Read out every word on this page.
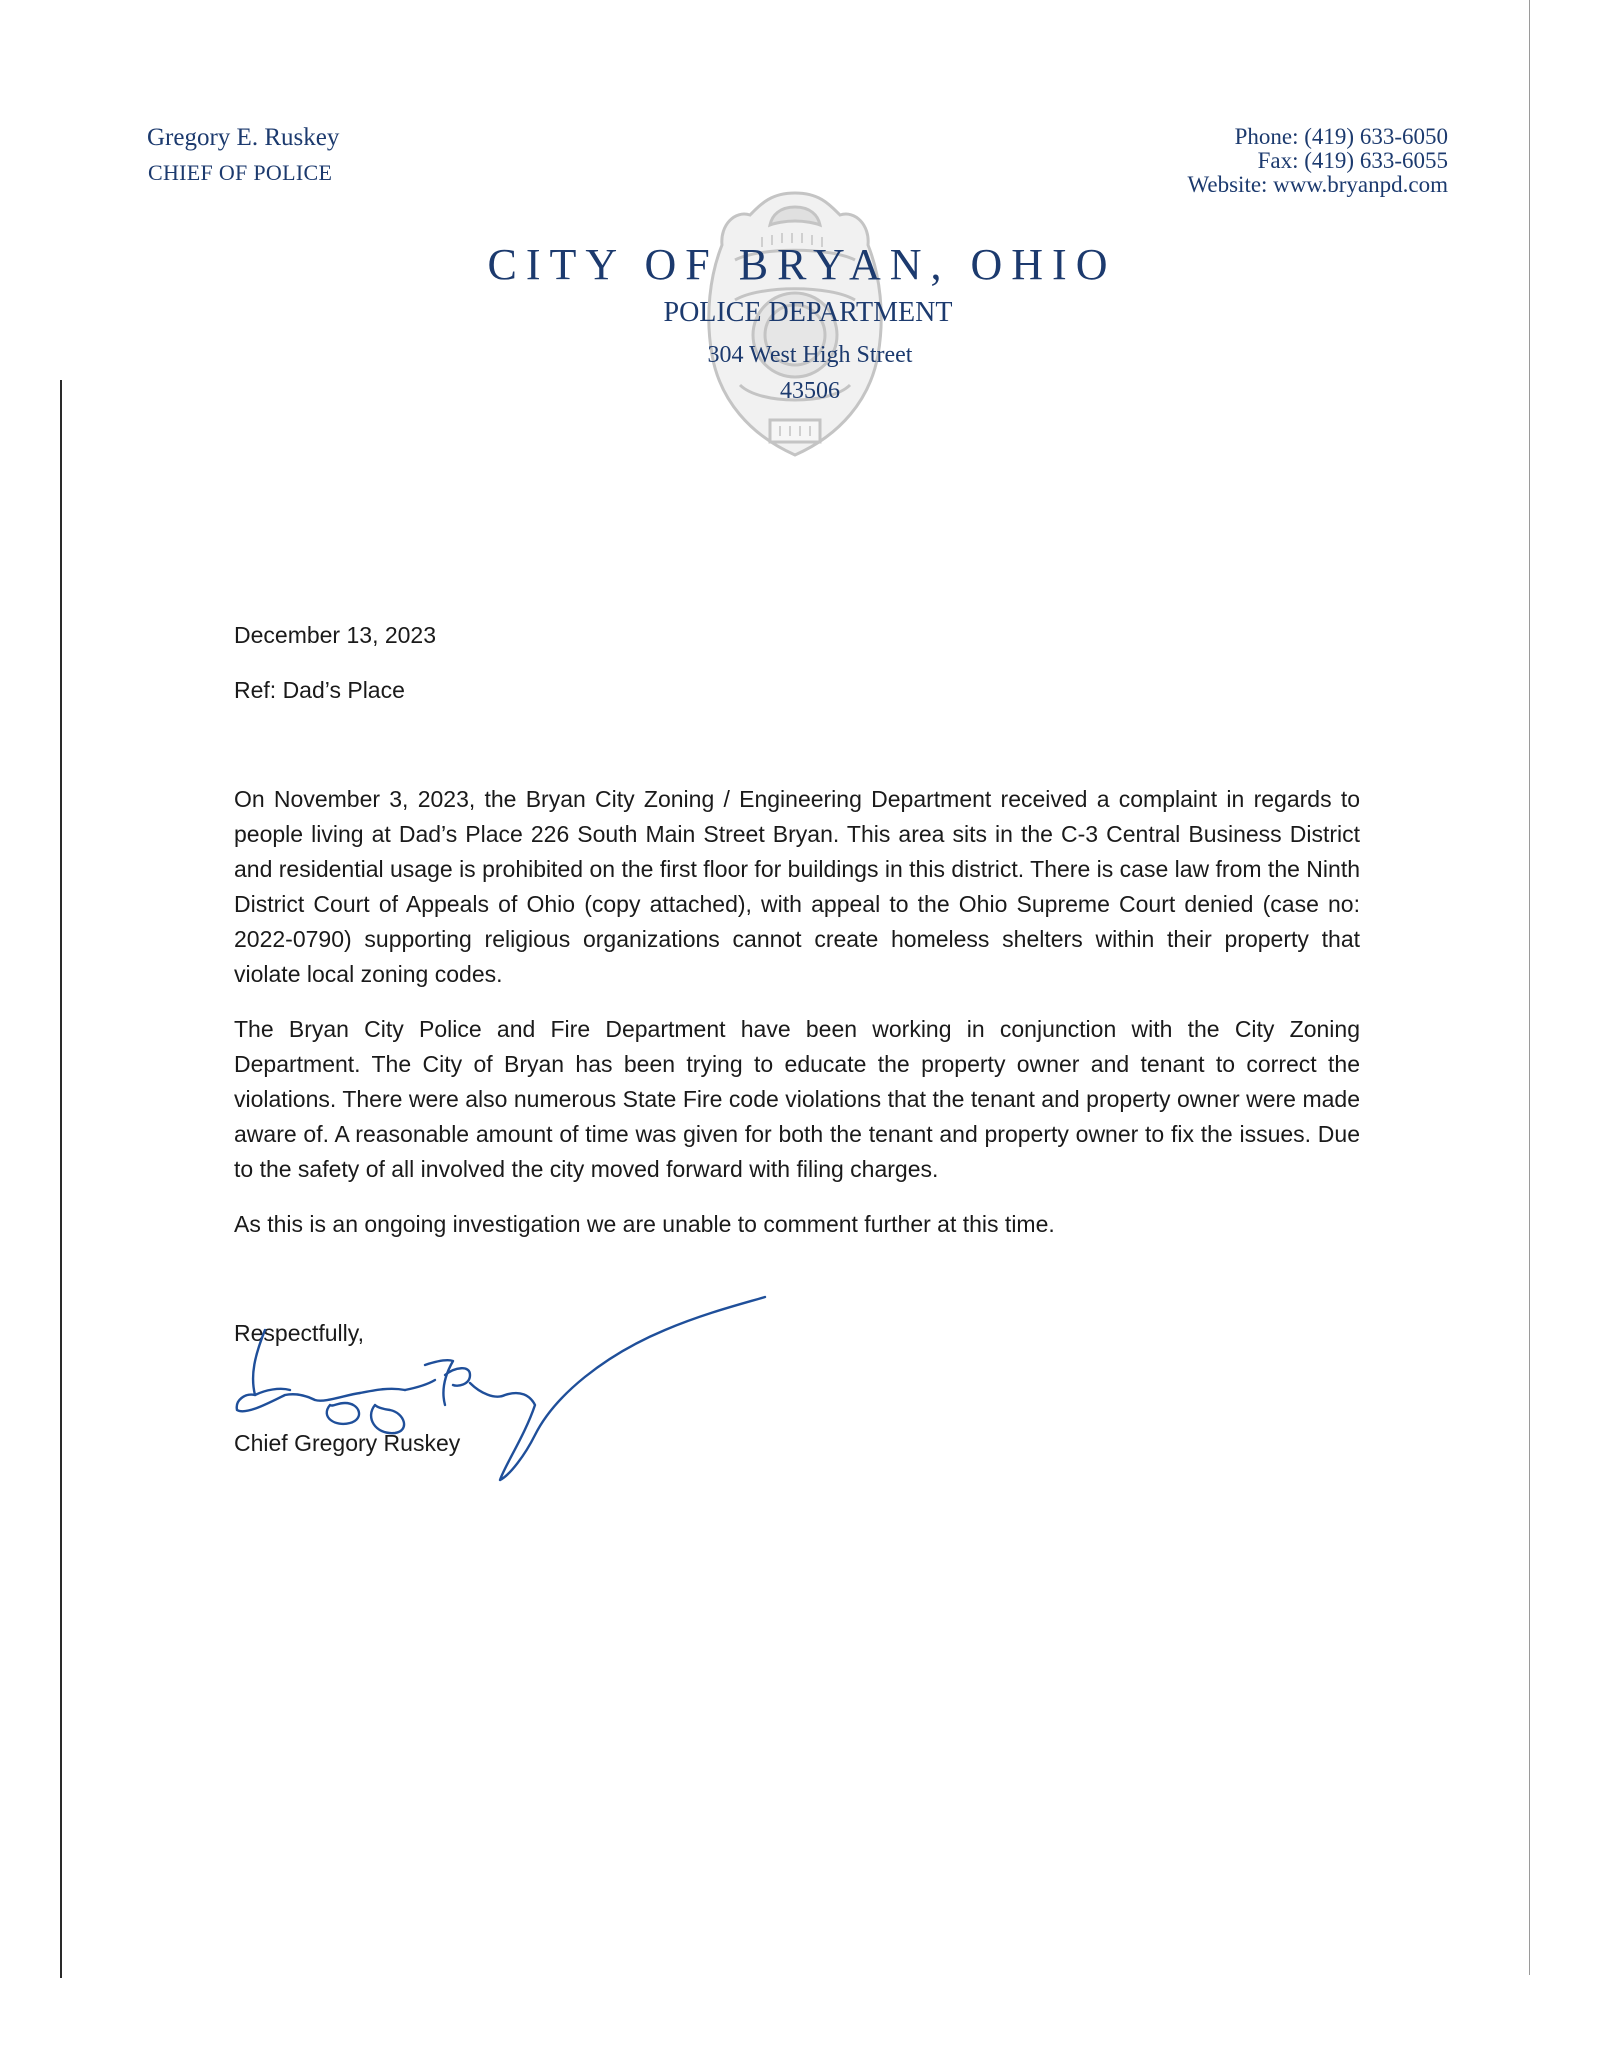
Gregory E. Ruskey
CHIEF OF POLICE
Phone: (419) 633-6050
Fax: (419) 633-6055
Website: www.bryanpd.com
CITY OF BRYAN, OHIO
POLICE DEPARTMENT
304 West High Street
43506
December 13, 2023
Ref: Dad’s Place

On November 3, 2023, the Bryan City Zoning / Engineering Department received a complaint in regards to people living at Dad’s Place 226 South Main Street Bryan. This area sits in the C-3 Central Business District and residential usage is prohibited on the first floor for buildings in this district. There is case law from the Ninth District Court of Appeals of Ohio (copy attached), with appeal to the Ohio Supreme Court denied (case no: 2022-0790) supporting religious organizations cannot create homeless shelters within their property that violate local zoning codes.

The Bryan City Police and Fire Department have been working in conjunction with the City Zoning Department. The City of Bryan has been trying to educate the property owner and tenant to correct the violations. There were also numerous State Fire code violations that the tenant and property owner were made aware of. A reasonable amount of time was given for both the tenant and property owner to fix the issues. Due to the safety of all involved the city moved forward with filing charges.

As this is an ongoing investigation we are unable to comment further at this time.

Respectfully,
Chief Gregory Ruskey
